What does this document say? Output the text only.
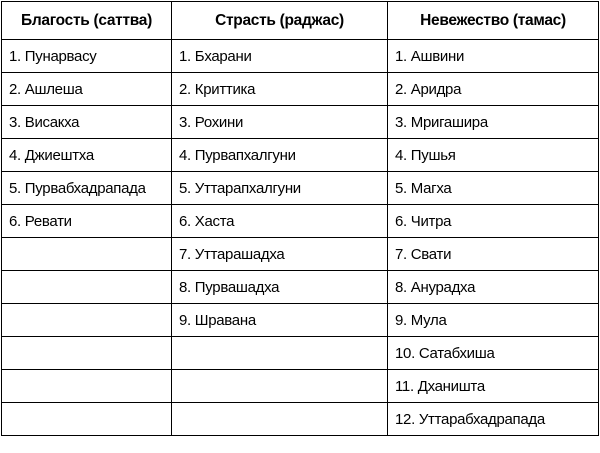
Благость (саттва)	Страсть (раджас)	Невежество (тамас)
1. Пунарвасу	1. Бхарани	1. Ашвини
2. Ашлеша	2. Криттика	2. Аридра
3. Висакха	3. Рохини	3. Мригашира
4. Джиештха	4. Пурвапхалгуни	4. Пушья
5. Пурвабхадрапада	5. Уттарапхалгуни	5. Магха
6. Ревати	6. Хаста	6. Читра
	7. Уттарашадха	7. Свати
	8. Пурвашадха	8. Анурадха
	9. Шравана	9. Мула
		10. Сатабхиша
		11. Дханишта
		12. Уттарабхадрапада
